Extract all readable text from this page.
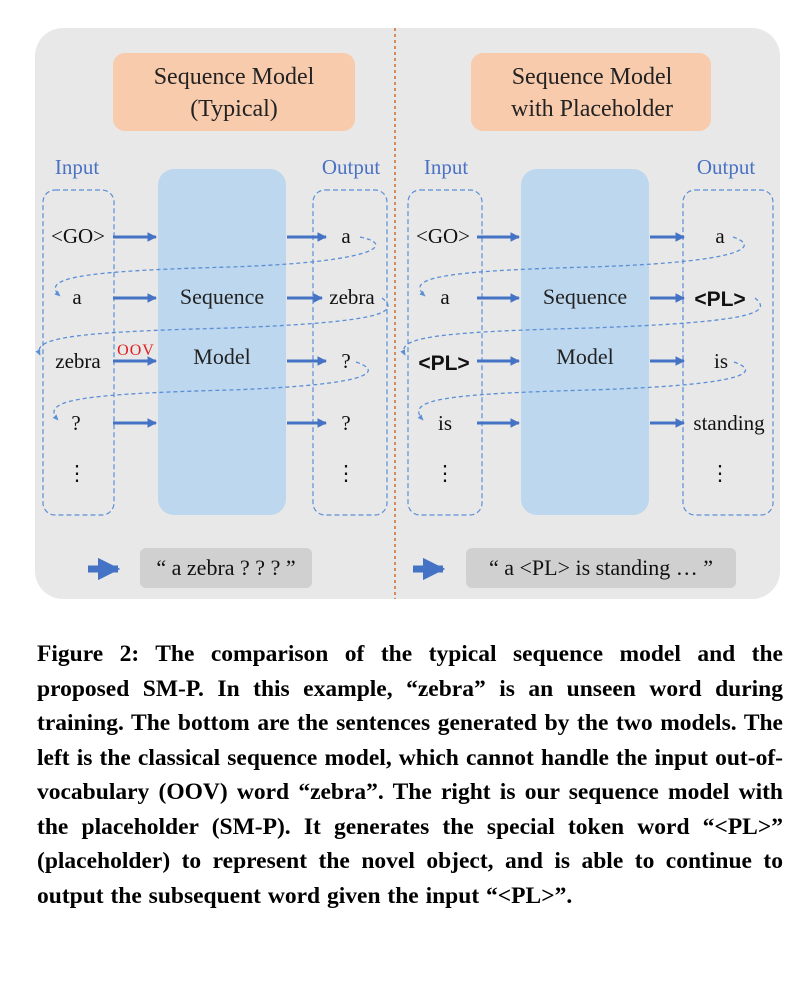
Sequence Model
(Typical)
Input	Output
Sequence
Model
<GO>
a
zebra
?
⋮
OOV
a
zebra
?
?
⋮
“ a zebra ? ? ? ”
Sequence Model
with Placeholder
Input	Output
Sequence
Model
<GO>
a
<PL>
is
⋮
a
<PL>
is
standing
⋮
“ a <PL> is standing … ”
Figure 2: The comparison of the typical sequence model and the proposed SM-P. In this example, “zebra” is an unseen word during training. The bottom are the sentences generated by the two models. The left is the classical sequence model, which cannot handle the input out-of-vocabulary (OOV) word “zebra”. The right is our sequence model with the placeholder (SM-P). It generates the special token word “<PL>” (placeholder) to represent the novel object, and is able to continue to output the subsequent word given the input “<PL>”.
